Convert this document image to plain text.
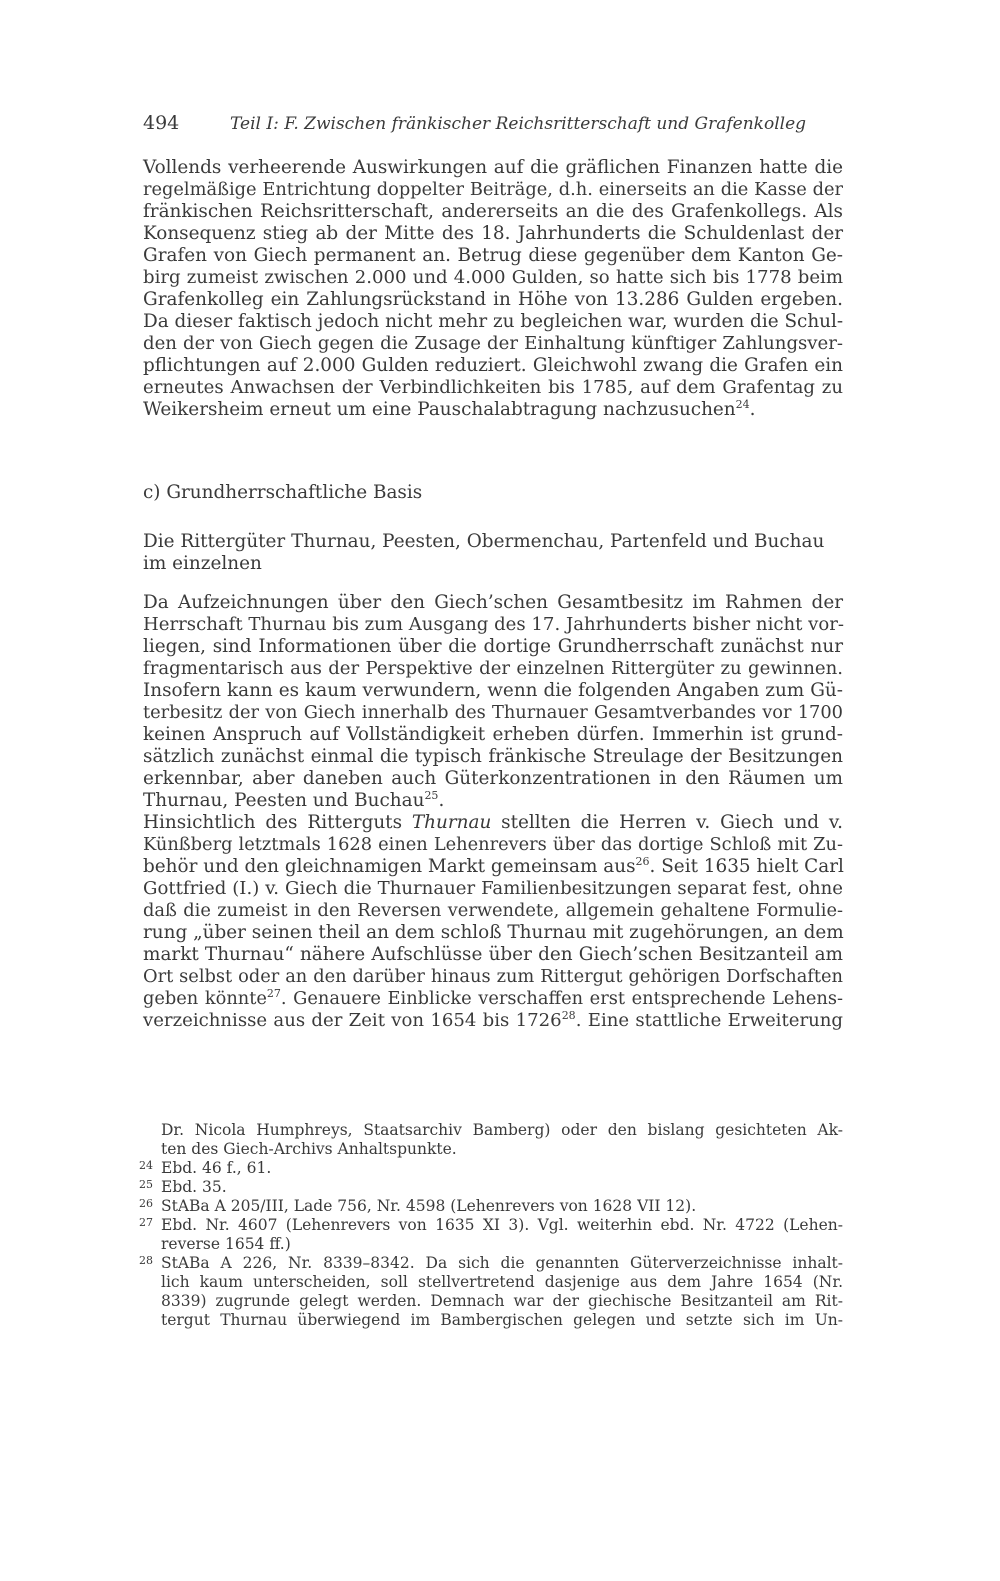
494	Teil I: F. Zwischen fränkischer Reichsritterschaft und Grafenkolleg
Vollends verheerende Auswirkungen auf die gräflichen Finanzen hatte die
regelmäßige Entrichtung doppelter Beiträge, d.h. einerseits an die Kasse der
fränkischen Reichsritterschaft, andererseits an die des Grafenkollegs. Als
Konsequenz stieg ab der Mitte des 18. Jahrhunderts die Schuldenlast der
Grafen von Giech permanent an. Betrug diese gegenüber dem Kanton Ge-
birg zumeist zwischen 2.000 und 4.000 Gulden, so hatte sich bis 1778 beim
Grafenkolleg ein Zahlungsrückstand in Höhe von 13.286 Gulden ergeben.
Da dieser faktisch jedoch nicht mehr zu begleichen war, wurden die Schul-
den der von Giech gegen die Zusage der Einhaltung künftiger Zahlungsver-
pflichtungen auf 2.000 Gulden reduziert. Gleichwohl zwang die Grafen ein
erneutes Anwachsen der Verbindlichkeiten bis 1785, auf dem Grafentag zu
Weikersheim erneut um eine Pauschalabtragung nachzusuchen$^{24}$.
c) Grundherrschaftliche Basis
Die Rittergüter Thurnau, Peesten, Obermenchau, Partenfeld und Buchau
im einzelnen
Da Aufzeichnungen über den Giech’schen Gesamtbesitz im Rahmen der
Herrschaft Thurnau bis zum Ausgang des 17. Jahrhunderts bisher nicht vor-
liegen, sind Informationen über die dortige Grundherrschaft zunächst nur
fragmentarisch aus der Perspektive der einzelnen Rittergüter zu gewinnen.
Insofern kann es kaum verwundern, wenn die folgenden Angaben zum Gü-
terbesitz der von Giech innerhalb des Thurnauer Gesamtverbandes vor 1700
keinen Anspruch auf Vollständigkeit erheben dürfen. Immerhin ist grund-
sätzlich zunächst einmal die typisch fränkische Streulage der Besitzungen
erkennbar, aber daneben auch Güterkonzentrationen in den Räumen um
Thurnau, Peesten und Buchau$^{25}$.
Hinsichtlich des Ritterguts Thurnau stellten die Herren v. Giech und v.
Künßberg letztmals 1628 einen Lehenrevers über das dortige Schloß mit Zu-
behör und den gleichnamigen Markt gemeinsam aus$^{26}$. Seit 1635 hielt Carl
Gottfried (I.) v. Giech die Thurnauer Familienbesitzungen separat fest, ohne
daß die zumeist in den Reversen verwendete, allgemein gehaltene Formulie-
rung „über seinen theil an dem schloß Thurnau mit zugehörungen, an dem
markt Thurnau“ nähere Aufschlüsse über den Giech’schen Besitzanteil am
Ort selbst oder an den darüber hinaus zum Rittergut gehörigen Dorfschaften
geben könnte$^{27}$. Genauere Einblicke verschaffen erst entsprechende Lehens-
verzeichnisse aus der Zeit von 1654 bis 1726$^{28}$. Eine stattliche Erweiterung
Dr. Nicola Humphreys, Staatsarchiv Bamberg) oder den bislang gesichteten Ak-
ten des Giech-Archivs Anhaltspunkte.
24 Ebd. 46 f., 61.
25 Ebd. 35.
26 StABa A 205/III, Lade 756, Nr. 4598 (Lehenrevers von 1628 VII 12).
27 Ebd. Nr. 4607 (Lehenrevers von 1635 XI 3). Vgl. weiterhin ebd. Nr. 4722 (Lehen-
reverse 1654 ff.)
28 StABa A 226, Nr. 8339–8342. Da sich die genannten Güterverzeichnisse inhalt-
lich kaum unterscheiden, soll stellvertretend dasjenige aus dem Jahre 1654 (Nr.
8339) zugrunde gelegt werden. Demnach war der giechische Besitzanteil am Rit-
tergut Thurnau überwiegend im Bambergischen gelegen und setzte sich im Un-
